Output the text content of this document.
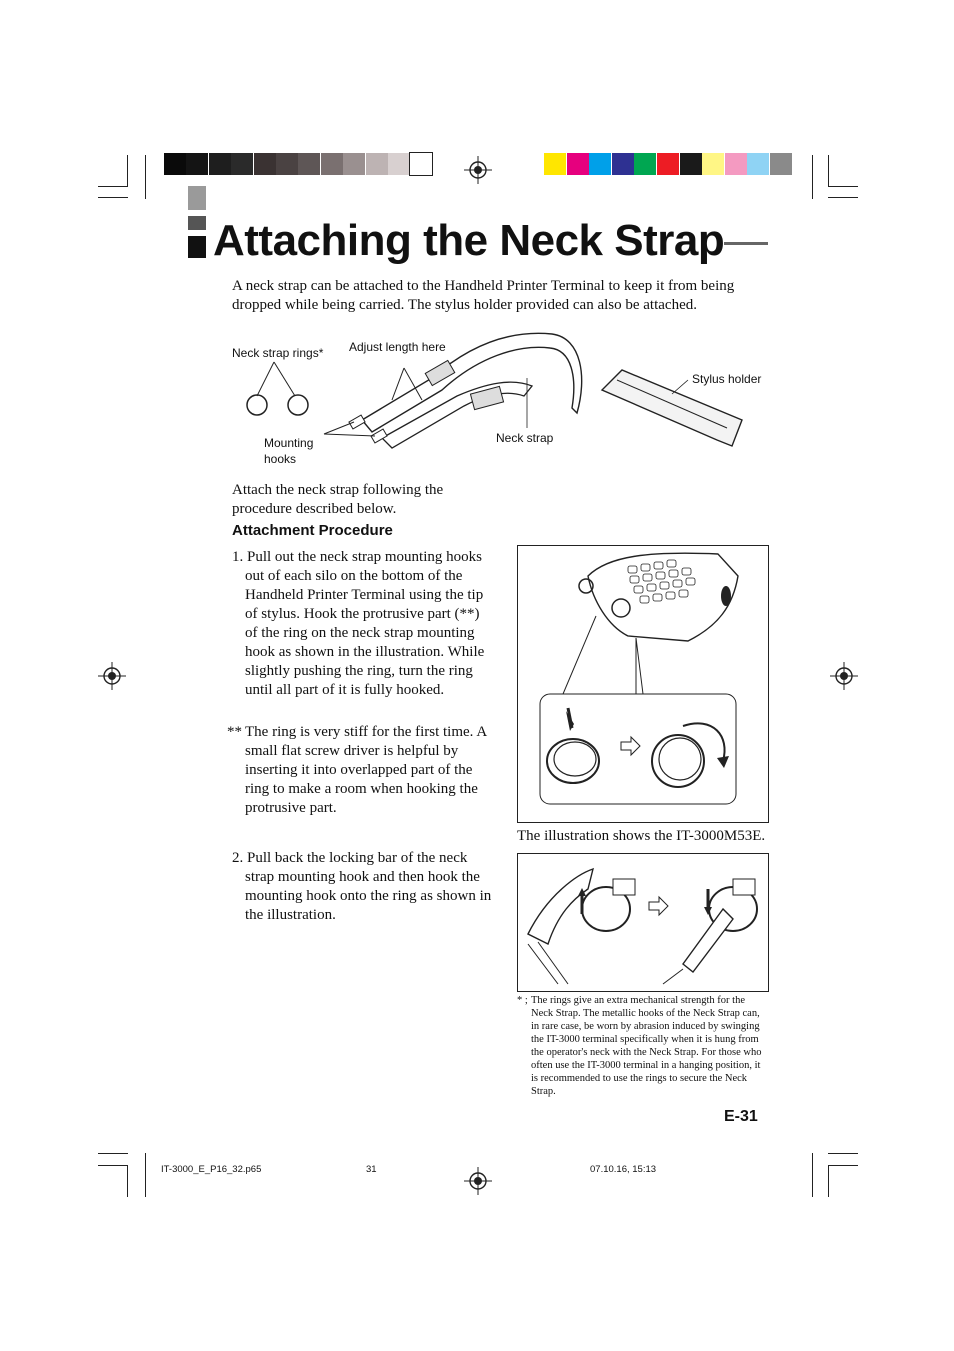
Attaching the Neck Strap
A neck strap can be attached to the Handheld Printer Terminal to keep it from being dropped while being carried. The stylus holder provided can also be attached.
Neck strap rings* Adjust length here
Stylus holder
Mounting
hooks
Neck strap
Attach the neck strap following the procedure described below.
Attachment Procedure
1. Pull out the neck strap mounting hooks out of each silo on the bottom of the Handheld Printer Terminal using the tip of stylus. Hook the protrusive part (**) of the ring on the neck strap mounting hook as shown in the illustration. While slightly pushing the ring, turn the ring until all part of it is fully hooked.
** The ring is very stiff for the first time. A small flat screw driver is helpful by inserting it into overlapped part of the ring to make a room when hooking the protrusive part.
2. Pull back the locking bar of the neck strap mounting hook and then hook the mounting hook onto the ring as shown in the illustration.
The illustration shows the IT-3000M53E.
* ; The rings give an extra mechanical strength for the Neck Strap. The metallic hooks of the Neck Strap can, in rare case, be worn by abrasion induced by swinging the IT-3000 terminal specifically when it is hung from the operator's neck with the Neck Strap. For those who often use the IT-3000 terminal in a hanging position, it is recommended to use the rings to secure the Neck Strap.
E-31
IT-3000_E_P16_32.p65	31	07.10.16, 15:13
